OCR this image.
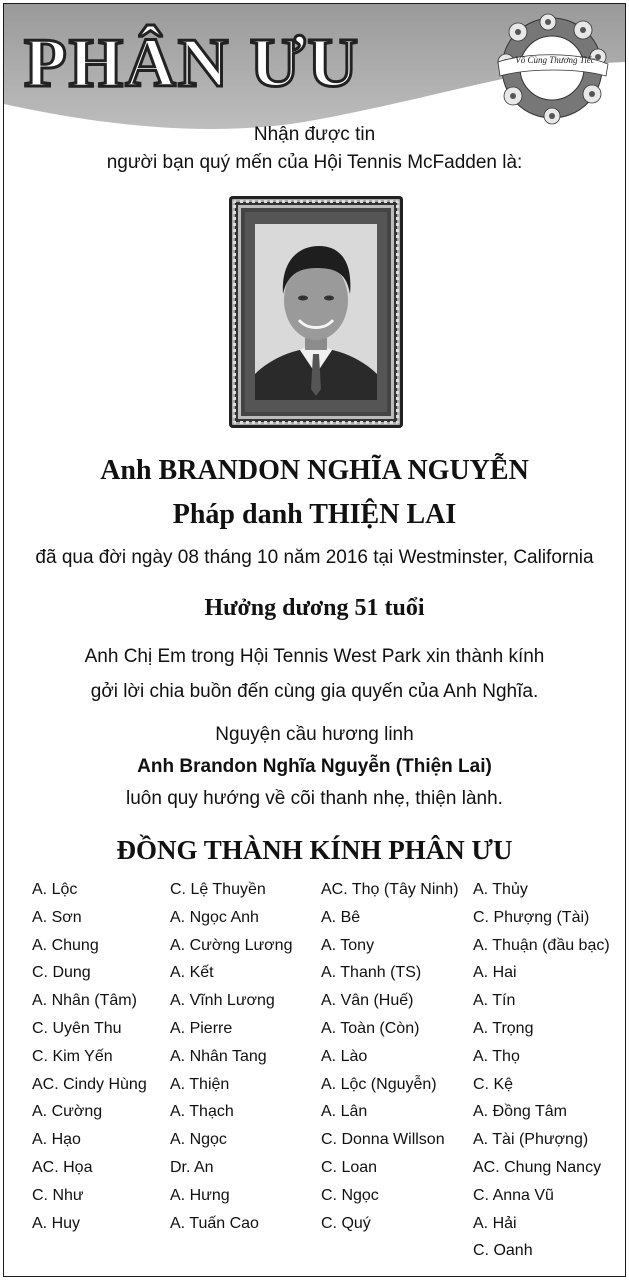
PHÂN ƯU	Vô Cùng Thương Tiếc
Nhận được tin
người bạn quý mến của Hội Tennis McFadden là:
Anh BRANDON NGHĨA NGUYỄN
Pháp danh THIỆN LAI
đã qua đời ngày 08 tháng 10 năm 2016 tại Westminster, California
Hưởng dương 51 tuổi
Anh Chị Em trong Hội Tennis West Park xin thành kính
gởi lời chia buồn đến cùng gia quyến của Anh Nghĩa.
Nguyện cầu hương linh
Anh Brandon Nghĩa Nguyễn (Thiện Lai)
luôn quy hướng về cõi thanh nhẹ, thiện lành.
ĐỒNG THÀNH KÍNH PHÂN ƯU
A. Lộc
A. Sơn
A. Chung
C. Dung
A. Nhân (Tâm)
C. Uyên Thu
C. Kim Yến
AC. Cindy Hùng
A. Cường
A. Hạo
AC. Họa
C. Như
A. Huy
C. Lệ Thuyền
A. Ngọc Anh
A. Cường Lương
A. Kết
A. Vĩnh Lương
A. Pierre
A. Nhân Tang
A. Thiện
A. Thạch
A. Ngọc
Dr. An
A. Hưng
A. Tuấn Cao
AC. Thọ (Tây Ninh)
A. Bê
A. Tony
A. Thanh (TS)
A. Vân (Huế)
A. Toàn (Còn)
A. Lào
A. Lộc (Nguyễn)
A. Lân
C. Donna Willson
C. Loan
C. Ngọc
C. Quý
A. Thủy
C. Phượng (Tài)
A. Thuận (đầu bạc)
A. Hai
A. Tín
A. Trọng
A. Thọ
C. Kệ
A. Đồng Tâm
A. Tài (Phượng)
AC. Chung Nancy
C. Anna Vũ
A. Hải
C. Oanh
